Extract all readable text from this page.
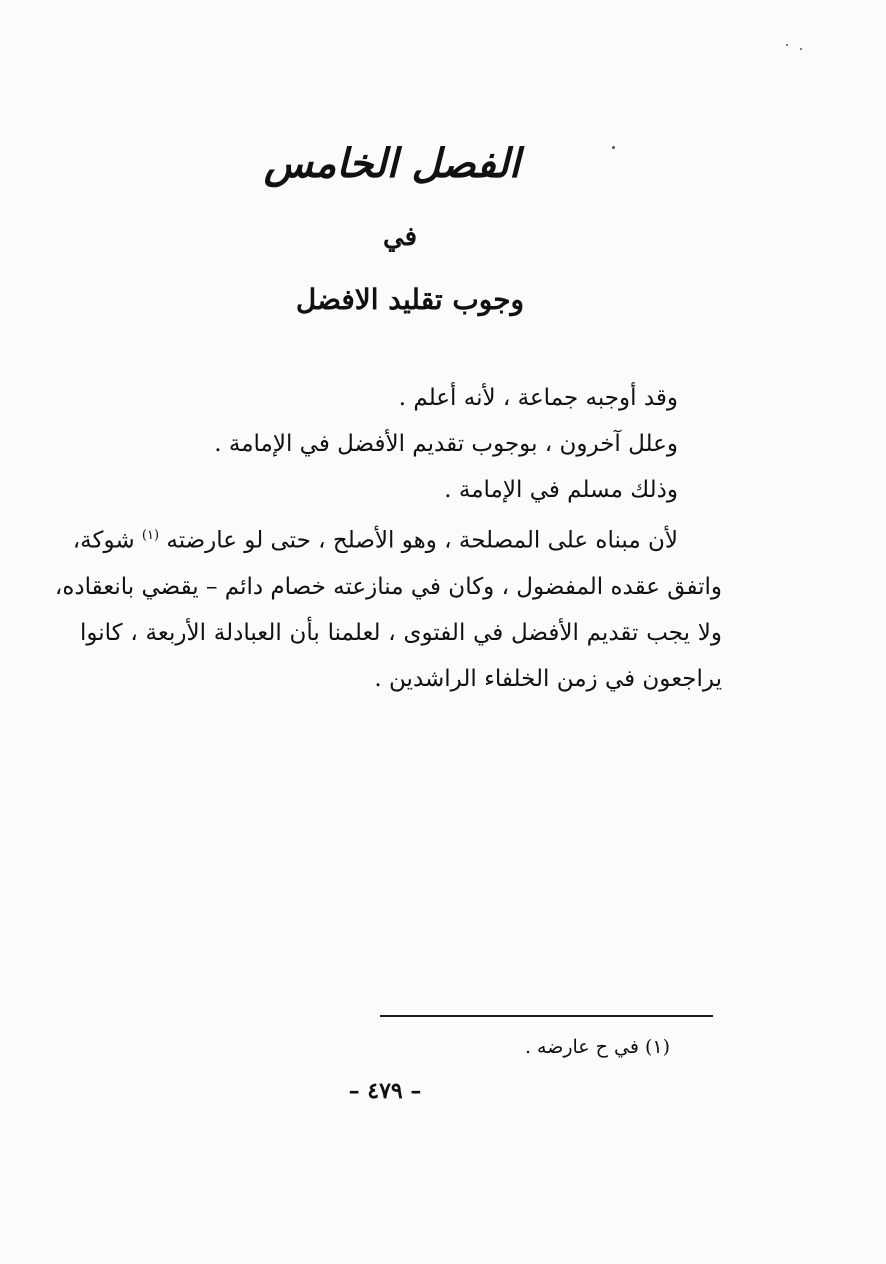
الفصل الخامس
في
وجوب تقليد الافضل

وقد أوجبه جماعة ، لأنه أعلم .

وعلل آخرون ، بوجوب تقديم الأفضل في الإمامة .

وذلك مسلم في الإمامة .

لأن مبناه على المصلحة ، وهو الأصلح ، حتى لو عارضته $^{(١)}$ شوكة،

واتفق عقده المفضول ، وكان في منازعته خصام دائم – يقضي بانعقاده،

ولا يجب تقديم الأفضل في الفتوى ، لعلمنا بأن العبادلة الأربعة ، كانوا

يراجعون في زمن الخلفاء الراشدين .

(١) في ح عارضه .
– ٤٧٩ –
